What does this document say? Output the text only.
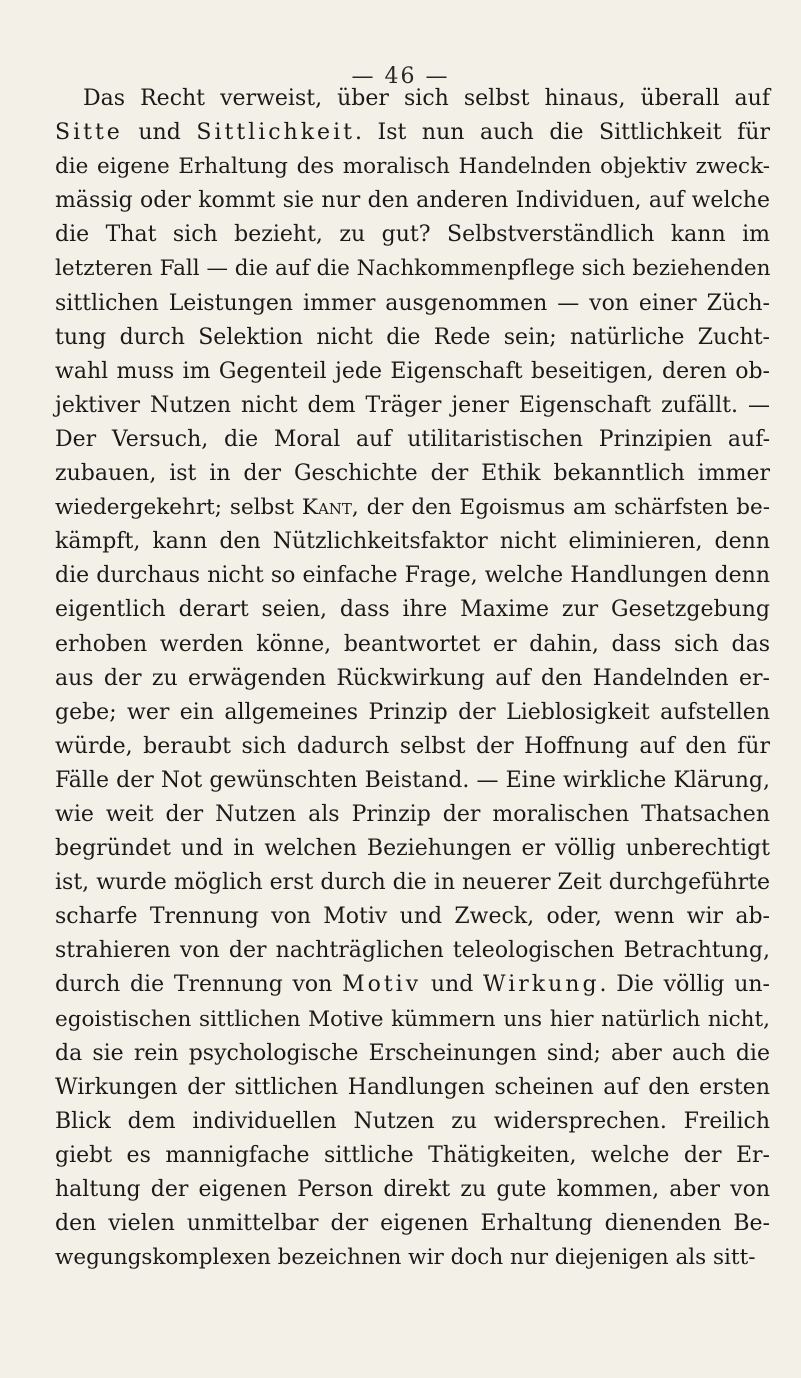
— 46 —
Das Recht verweist, über sich selbst hinaus, überall auf
Sitte und Sittlichkeit. Ist nun auch die Sittlichkeit für
die eigene Erhaltung des moralisch Handelnden objektiv zweck-
mässig oder kommt sie nur den anderen Individuen, auf welche
die That sich bezieht, zu gut? Selbstverständlich kann im
letzteren Fall — die auf die Nachkommenpflege sich beziehenden
sittlichen Leistungen immer ausgenommen — von einer Züch-
tung durch Selektion nicht die Rede sein; natürliche Zucht-
wahl muss im Gegenteil jede Eigenschaft beseitigen, deren ob-
jektiver Nutzen nicht dem Träger jener Eigenschaft zufällt. —
Der Versuch, die Moral auf utilitaristischen Prinzipien auf-
zubauen, ist in der Geschichte der Ethik bekanntlich immer
wiedergekehrt; selbst Kant, der den Egoismus am schärfsten be-
kämpft, kann den Nützlichkeitsfaktor nicht eliminieren, denn
die durchaus nicht so einfache Frage, welche Handlungen denn
eigentlich derart seien, dass ihre Maxime zur Gesetzgebung
erhoben werden könne, beantwortet er dahin, dass sich das
aus der zu erwägenden Rückwirkung auf den Handelnden er-
gebe; wer ein allgemeines Prinzip der Lieblosigkeit aufstellen
würde, beraubt sich dadurch selbst der Hoffnung auf den für
Fälle der Not gewünschten Beistand. — Eine wirkliche Klärung,
wie weit der Nutzen als Prinzip der moralischen Thatsachen
begründet und in welchen Beziehungen er völlig unberechtigt
ist, wurde möglich erst durch die in neuerer Zeit durchgeführte
scharfe Trennung von Motiv und Zweck, oder, wenn wir ab-
strahieren von der nachträglichen teleologischen Betrachtung,
durch die Trennung von Motiv und Wirkung. Die völlig un-
egoistischen sittlichen Motive kümmern uns hier natürlich nicht,
da sie rein psychologische Erscheinungen sind; aber auch die
Wirkungen der sittlichen Handlungen scheinen auf den ersten
Blick dem individuellen Nutzen zu widersprechen. Freilich
giebt es mannigfache sittliche Thätigkeiten, welche der Er-
haltung der eigenen Person direkt zu gute kommen, aber von
den vielen unmittelbar der eigenen Erhaltung dienenden Be-
wegungskomplexen bezeichnen wir doch nur diejenigen als sitt-
